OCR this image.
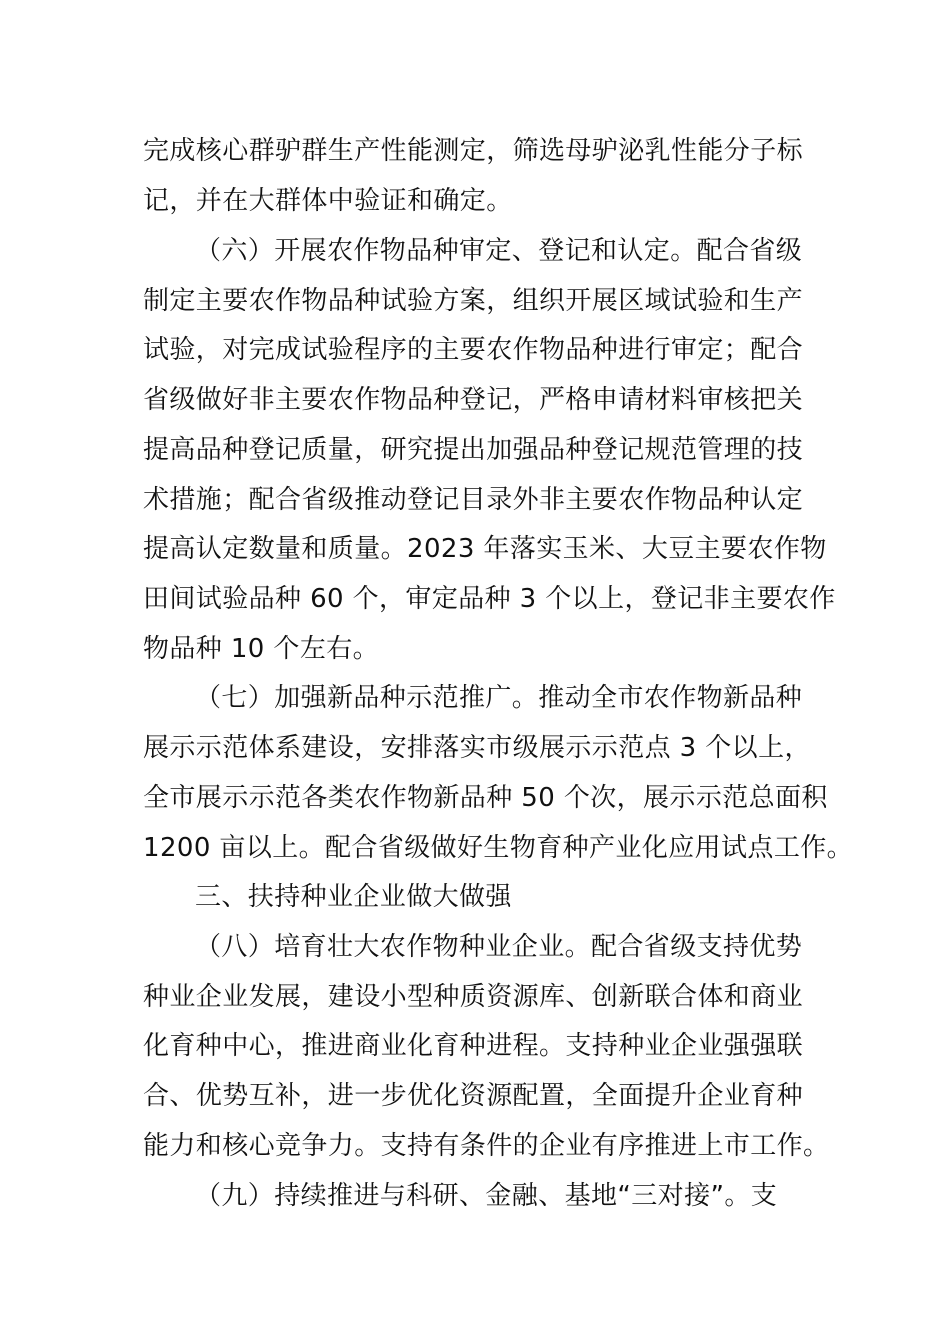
完成核心群驴群生产性能测定，筛选母驴泌乳性能分子标
记，并在大群体中验证和确定。
（六）开展农作物品种审定、登记和认定。配合省级
制定主要农作物品种试验方案，组织开展区域试验和生产
试验，对完成试验程序的主要农作物品种进行审定；配合
省级做好非主要农作物品种登记，严格申请材料审核把关
提高品种登记质量，研究提出加强品种登记规范管理的技
术措施；配合省级推动登记目录外非主要农作物品种认定
提高认定数量和质量。2023 年落实玉米、大豆主要农作物
田间试验品种 60 个，审定品种 3 个以上，登记非主要农作
物品种 10 个左右。
（七）加强新品种示范推广。推动全市农作物新品种
展示示范体系建设，安排落实市级展示示范点 3 个以上，
全市展示示范各类农作物新品种 50 个次，展示示范总面积
1200 亩以上。配合省级做好生物育种产业化应用试点工作。
三、扶持种业企业做大做强
（八）培育壮大农作物种业企业。配合省级支持优势
种业企业发展，建设小型种质资源库、创新联合体和商业
化育种中心，推进商业化育种进程。支持种业企业强强联
合、优势互补，进一步优化资源配置，全面提升企业育种
能力和核心竞争力。支持有条件的企业有序推进上市工作。
（九）持续推进与科研、金融、基地“三对接”。支
